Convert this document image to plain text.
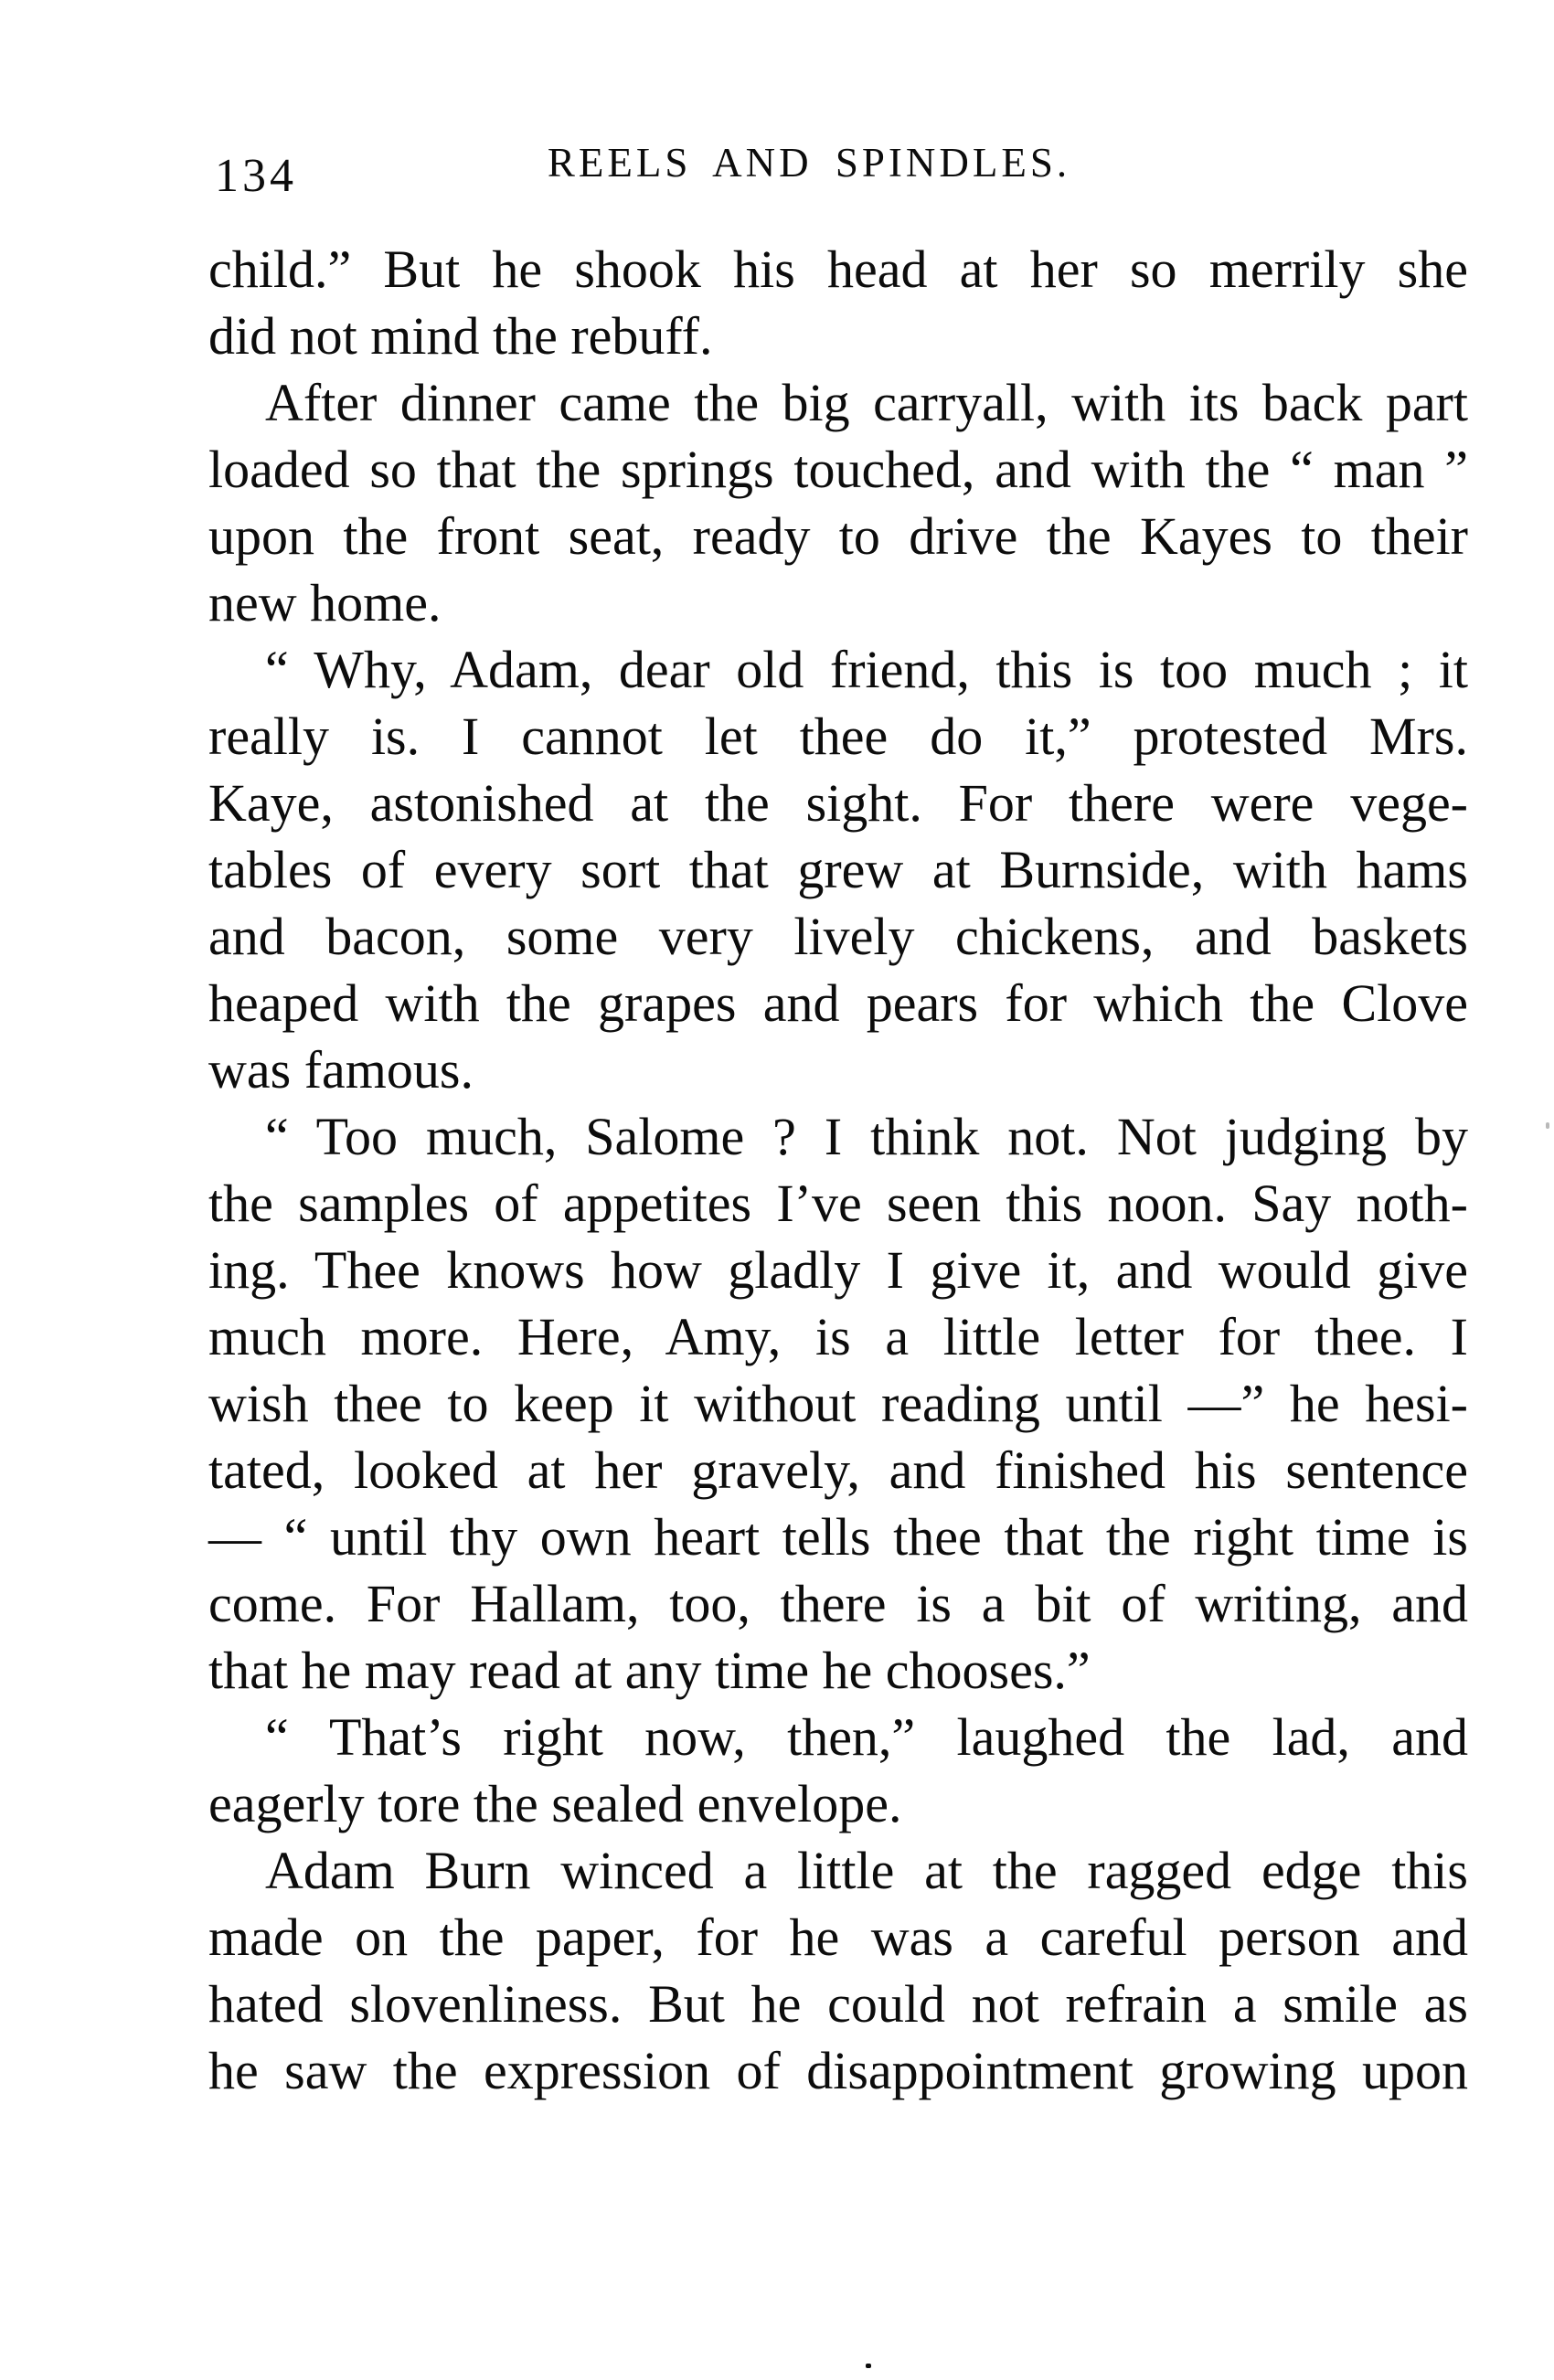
134	REELS AND SPINDLES.
child.” But he shook his head at her so merrily she
did not mind the rebuff.
After dinner came the big carryall, with its back part
loaded so that the springs touched, and with the “ man ”
upon the front seat, ready to drive the Kayes to their
new home.
“ Why, Adam, dear old friend, this is too much ; it
really is. I cannot let thee do it,” protested Mrs.
Kaye, astonished at the sight. For there were vege-
tables of every sort that grew at Burnside, with hams
and bacon, some very lively chickens, and baskets
heaped with the grapes and pears for which the Clove
was famous.
“ Too much, Salome ? I think not. Not judging by
the samples of appetites I’ve seen this noon. Say noth-
ing. Thee knows how gladly I give it, and would give
much more. Here, Amy, is a little letter for thee. I
wish thee to keep it without reading until —” he hesi-
tated, looked at her gravely, and finished his sentence
— “ until thy own heart tells thee that the right time is
come. For Hallam, too, there is a bit of writing, and
that he may read at any time he chooses.”
“ That’s right now, then,” laughed the lad, and
eagerly tore the sealed envelope.
Adam Burn winced a little at the ragged edge this
made on the paper, for he was a careful person and
hated slovenliness. But he could not refrain a smile as
he saw the expression of disappointment growing upon
